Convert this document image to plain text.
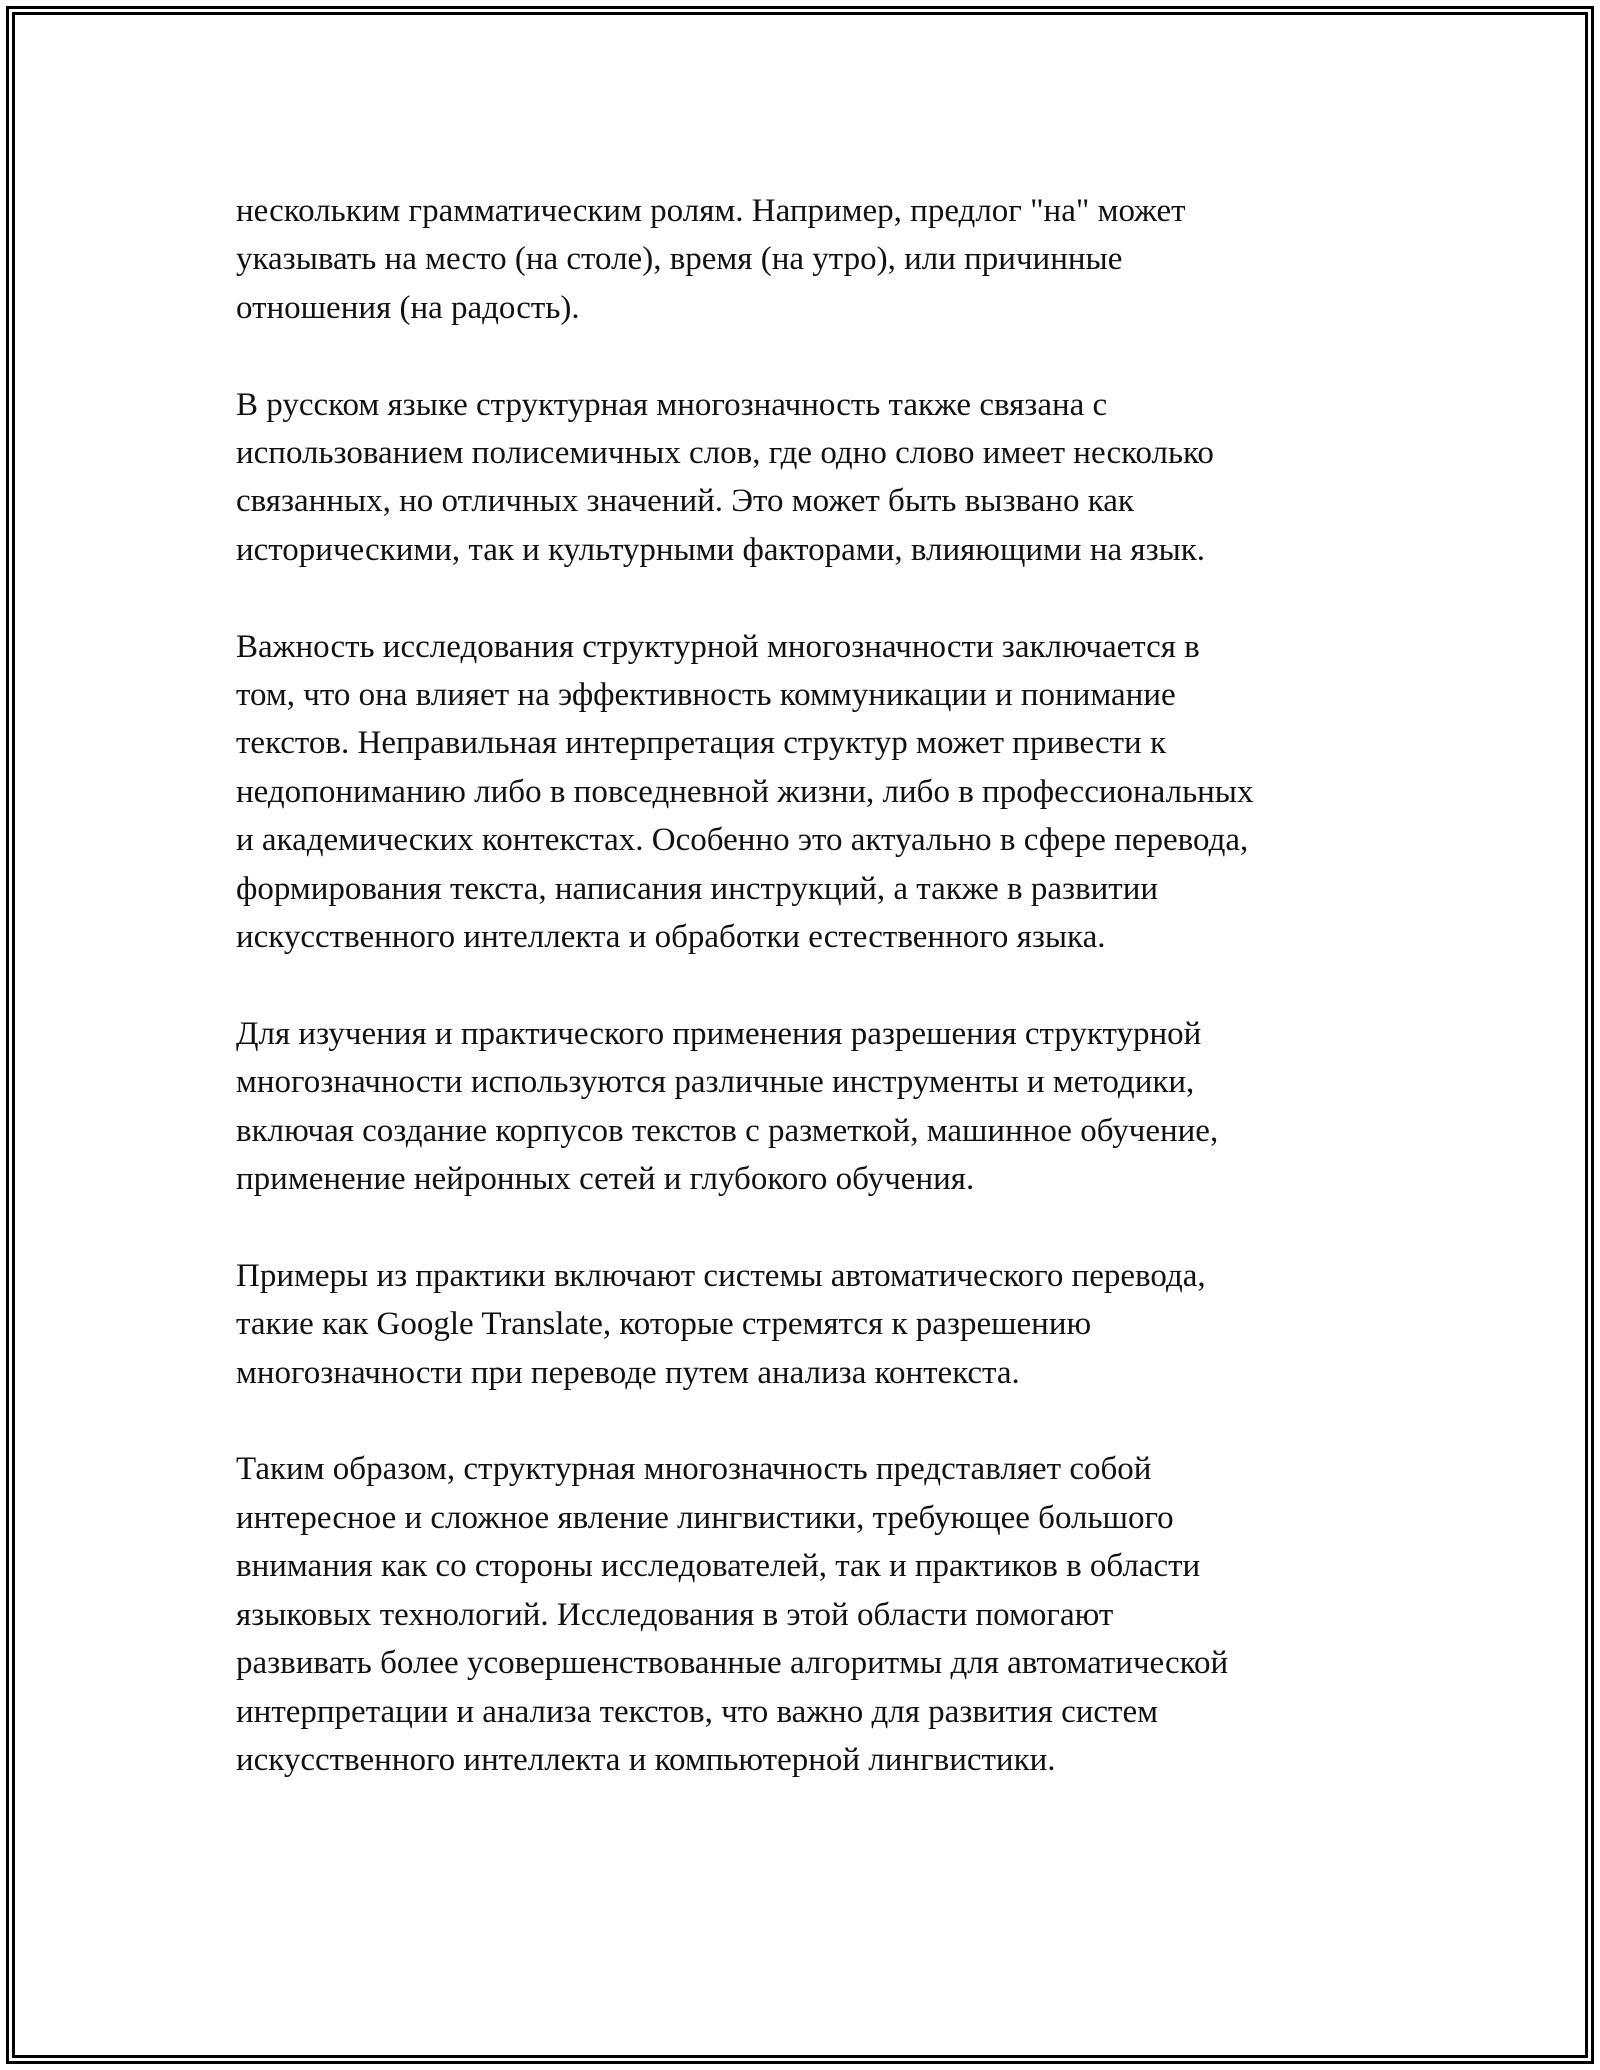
нескольким грамматическим ролям. Например, предлог "на" может
указывать на место (на столе), время (на утро), или причинные
отношения (на радость).

В русском языке структурная многозначность также связана с
использованием полисемичных слов, где одно слово имеет несколько
связанных, но отличных значений. Это может быть вызвано как
историческими, так и культурными факторами, влияющими на язык.

Важность исследования структурной многозначности заключается в
том, что она влияет на эффективность коммуникации и понимание
текстов. Неправильная интерпретация структур может привести к
недопониманию либо в повседневной жизни, либо в профессиональных
и академических контекстах. Особенно это актуально в сфере перевода,
формирования текста, написания инструкций, а также в развитии
искусственного интеллекта и обработки естественного языка.

Для изучения и практического применения разрешения структурной
многозначности используются различные инструменты и методики,
включая создание корпусов текстов с разметкой, машинное обучение,
применение нейронных сетей и глубокого обучения.

Примеры из практики включают системы автоматического перевода,
такие как Google Translate, которые стремятся к разрешению
многозначности при переводе путем анализа контекста.

Таким образом, структурная многозначность представляет собой
интересное и сложное явление лингвистики, требующее большого
внимания как со стороны исследователей, так и практиков в области
языковых технологий. Исследования в этой области помогают
развивать более усовершенствованные алгоритмы для автоматической
интерпретации и анализа текстов, что важно для развития систем
искусственного интеллекта и компьютерной лингвистики.
